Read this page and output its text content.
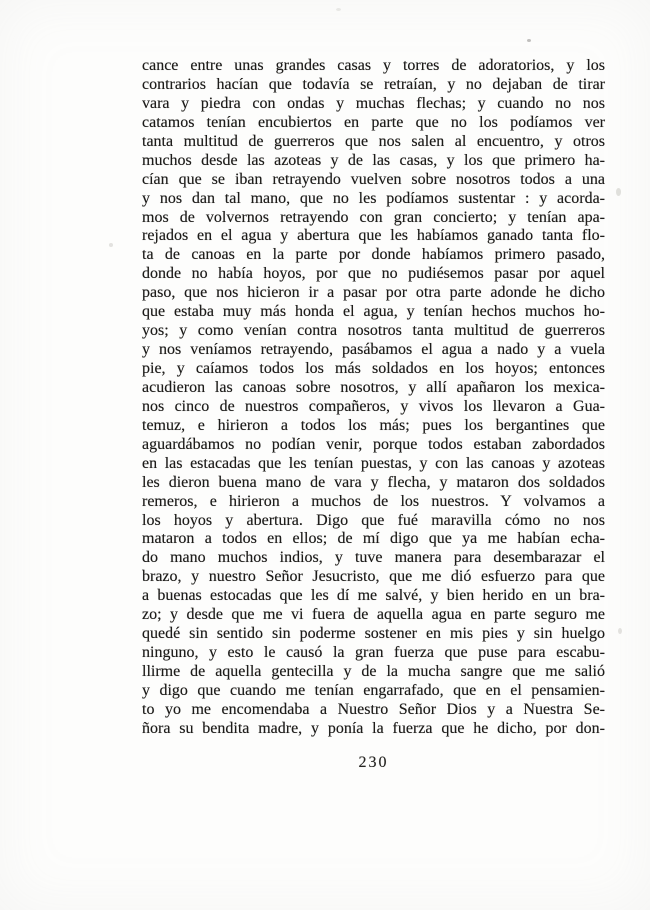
cance entre unas grandes casas y torres de adoratorios, y los
contrarios hacían que todavía se retraían, y no dejaban de tirar
vara y piedra con ondas y muchas flechas; y cuando no nos
catamos tenían encubiertos en parte que no los podíamos ver
tanta multitud de guerreros que nos salen al encuentro, y otros
muchos desde las azoteas y de las casas, y los que primero ha-
cían que se iban retrayendo vuelven sobre nosotros todos a una
y nos dan tal mano, que no les podíamos sustentar : y acorda-
mos de volvernos retrayendo con gran concierto; y tenían apa-
rejados en el agua y abertura que les habíamos ganado tanta flo-
ta de canoas en la parte por donde habíamos primero pasado,
donde no había hoyos, por que no pudiésemos pasar por aquel
paso, que nos hicieron ir a pasar por otra parte adonde he dicho
que estaba muy más honda el agua, y tenían hechos muchos ho-
yos; y como venían contra nosotros tanta multitud de guerreros
y nos veníamos retrayendo, pasábamos el agua a nado y a vuela
pie, y caíamos todos los más soldados en los hoyos; entonces
acudieron las canoas sobre nosotros, y allí apañaron los mexica-
nos cinco de nuestros compañeros, y vivos los llevaron a Gua-
temuz, e hirieron a todos los más; pues los bergantines que
aguardábamos no podían venir, porque todos estaban zabordados
en las estacadas que les tenían puestas, y con las canoas y azoteas
les dieron buena mano de vara y flecha, y mataron dos soldados
remeros, e hirieron a muchos de los nuestros. Y volvamos a
los hoyos y abertura. Digo que fué maravilla cómo no nos
mataron a todos en ellos; de mí digo que ya me habían echa-
do mano muchos indios, y tuve manera para desembarazar el
brazo, y nuestro Señor Jesucristo, que me dió esfuerzo para que
a buenas estocadas que les dí me salvé, y bien herido en un bra-
zo; y desde que me vi fuera de aquella agua en parte seguro me
quedé sin sentido sin poderme sostener en mis pies y sin huelgo
ninguno, y esto le causó la gran fuerza que puse para escabu-
llirme de aquella gentecilla y de la mucha sangre que me salió
y digo que cuando me tenían engarrafado, que en el pensamien-
to yo me encomendaba a Nuestro Señor Dios y a Nuestra Se-
ñora su bendita madre, y ponía la fuerza que he dicho, por don-
230
